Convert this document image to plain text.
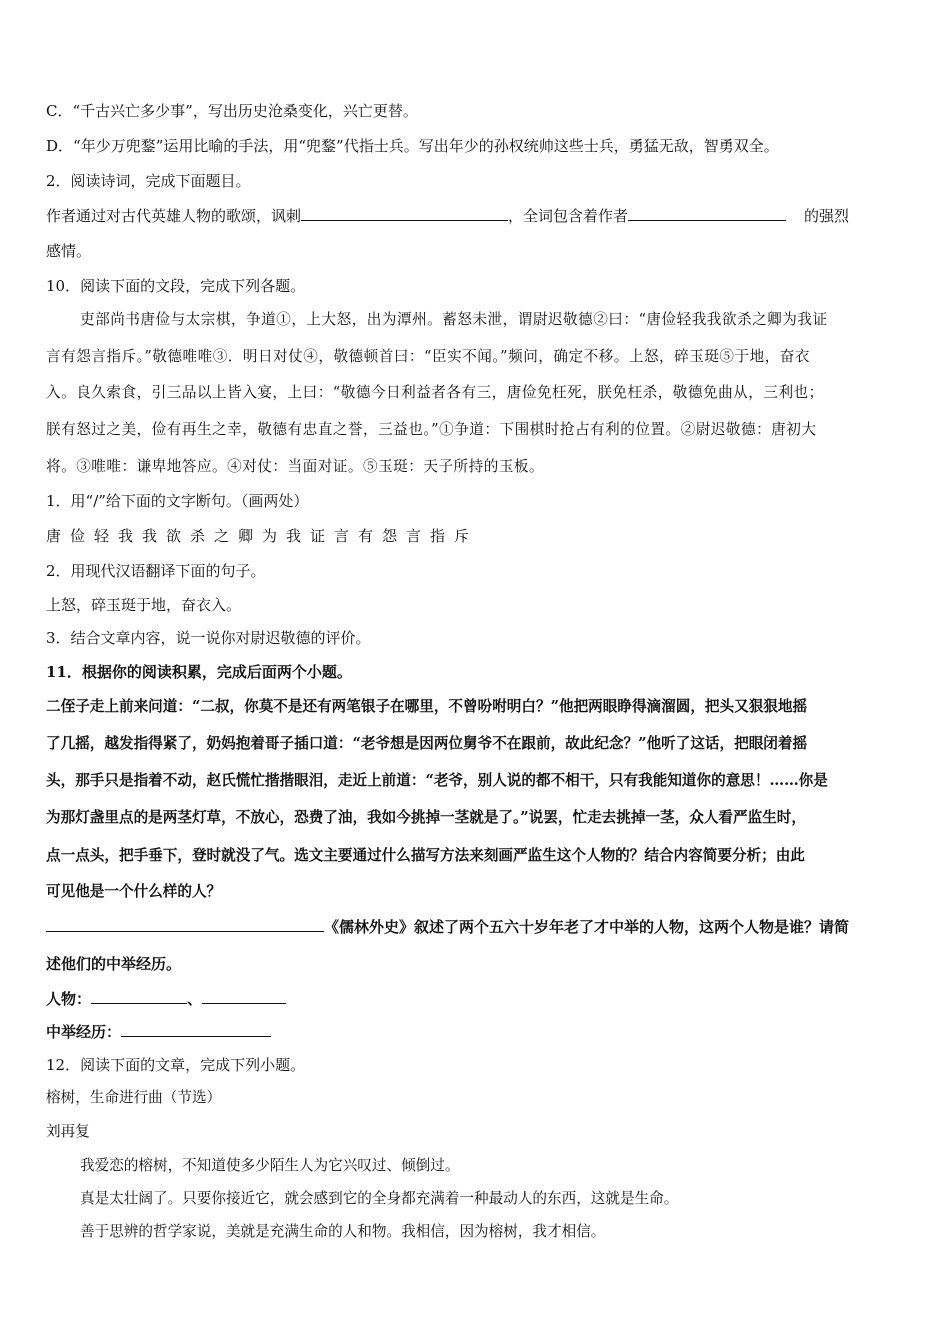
C．“千古兴亡多少事”，写出历史沧桑变化，兴亡更替。
D．“年少万兜鍪”运用比喻的手法，用“兜鍪”代指士兵。写出年少的孙权统帅这些士兵，勇猛无敌，智勇双全。
2．阅读诗词，完成下面题目。
作者通过对古代英雄人物的歌颂，讽刺	，全词包含着作者	的强烈
感情。
10．阅读下面的文段，完成下列各题。
吏部尚书唐俭与太宗棋，争道①，上大怒，出为潭州。蓄怒未泄，谓尉迟敬德②曰：“唐俭轻我我欲杀之卿为我证
言有怨言指斥。”敬德唯唯③．明日对仗④，敬德顿首曰：“臣实不闻。”频问，确定不移。上怒，碎玉珽⑤于地，奋衣
入。良久索食，引三品以上皆入宴，上曰：“敬德今日利益者各有三，唐俭免枉死，朕免枉杀，敬德免曲从，三利也；
朕有怒过之美，俭有再生之幸，敬德有忠直之誉，三益也。”①争道：下围棋时抢占有利的位置。②尉迟敬德：唐初大
将。③唯唯：谦卑地答应。④对仗：当面对证。⑤玉珽：天子所持的玉板。
1．用“/”给下面的文字断句。（画两处）
唐俭轻我我欲杀之卿为我证言有怨言指斥
2．用现代汉语翻译下面的句子。
上怒，碎玉珽于地，奋衣入。
3．结合文章内容，说一说你对尉迟敬德的评价。
11．根据你的阅读积累，完成后面两个小题。
二侄子走上前来问道：“二叔，你莫不是还有两笔银子在哪里，不曾吩咐明白？”他把两眼睁得滴溜圆，把头又狠狠地摇
了几摇，越发指得紧了，奶妈抱着哥子插口道：“老爷想是因两位舅爷不在跟前，故此纪念？”他听了这话，把眼闭着摇
头，那手只是指着不动，赵氏慌忙揩揩眼泪，走近上前道：“老爷，别人说的都不相干，只有我能知道你的意思！……你是
为那灯盏里点的是两茎灯草，不放心，恐费了油，我如今挑掉一茎就是了。”说罢，忙走去挑掉一茎，众人看严监生时，
点一点头，把手垂下，登时就没了气。选文主要通过什么描写方法来刻画严监生这个人物的？结合内容简要分析；由此
可见他是一个什么样的人？
《儒林外史》叙述了两个五六十岁年老了才中举的人物，这两个人物是谁？请简
述他们的中举经历。
人物：	、
中举经历：
12．阅读下面的文章，完成下列小题。
榕树，生命进行曲（节选）
刘再复
我爱恋的榕树，不知道使多少陌生人为它兴叹过、倾倒过。
真是太壮阔了。只要你接近它，就会感到它的全身都充满着一种最动人的东西，这就是生命。
善于思辨的哲学家说，美就是充满生命的人和物。我相信，因为榕树，我才相信。
